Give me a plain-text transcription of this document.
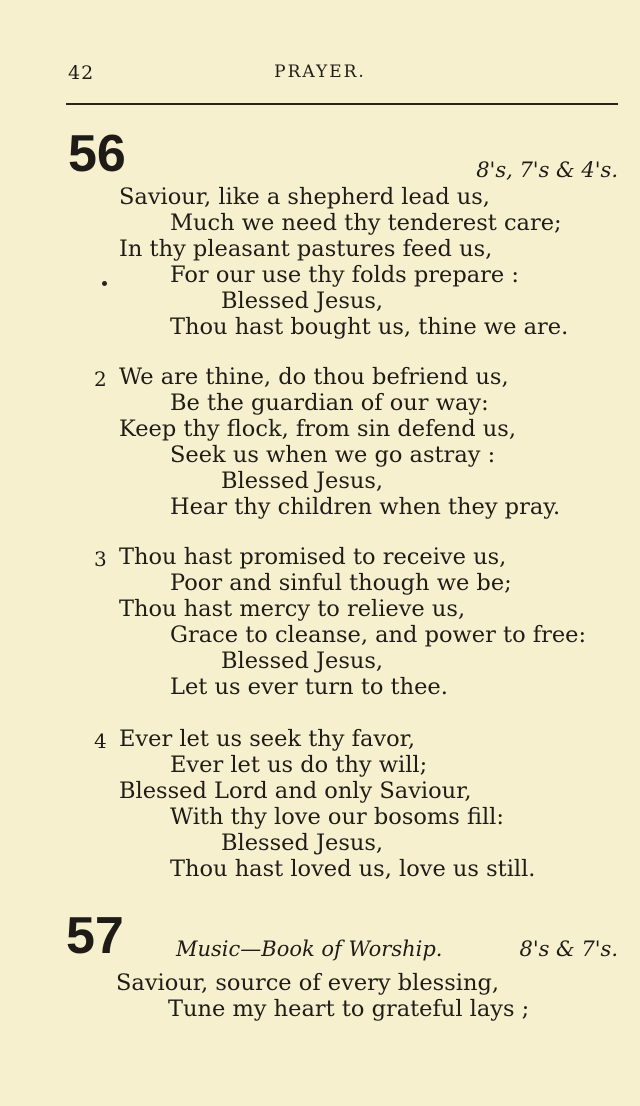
42	PRAYER.
56	8's, 7's & 4's.
Saviour, like a shepherd lead us,
Much we need thy tenderest care;
In thy pleasant pastures feed us,
For our use thy folds prepare :
Blessed Jesus,
Thou hast bought us, thine we are.
2 We are thine, do thou befriend us,
Be the guardian of our way:
Keep thy flock, from sin defend us,
Seek us when we go astray :
Blessed Jesus,
Hear thy children when they pray.
3 Thou hast promised to receive us,
Poor and sinful though we be;
Thou hast mercy to relieve us,
Grace to cleanse, and power to free:
Blessed Jesus,
Let us ever turn to thee.
4 Ever let us seek thy favor,
Ever let us do thy will;
Blessed Lord and only Saviour,
With thy love our bosoms fill:
Blessed Jesus,
Thou hast loved us, love us still.
57 Music—Book of Worship.	8's & 7's.
Saviour, source of every blessing,
Tune my heart to grateful lays ;
